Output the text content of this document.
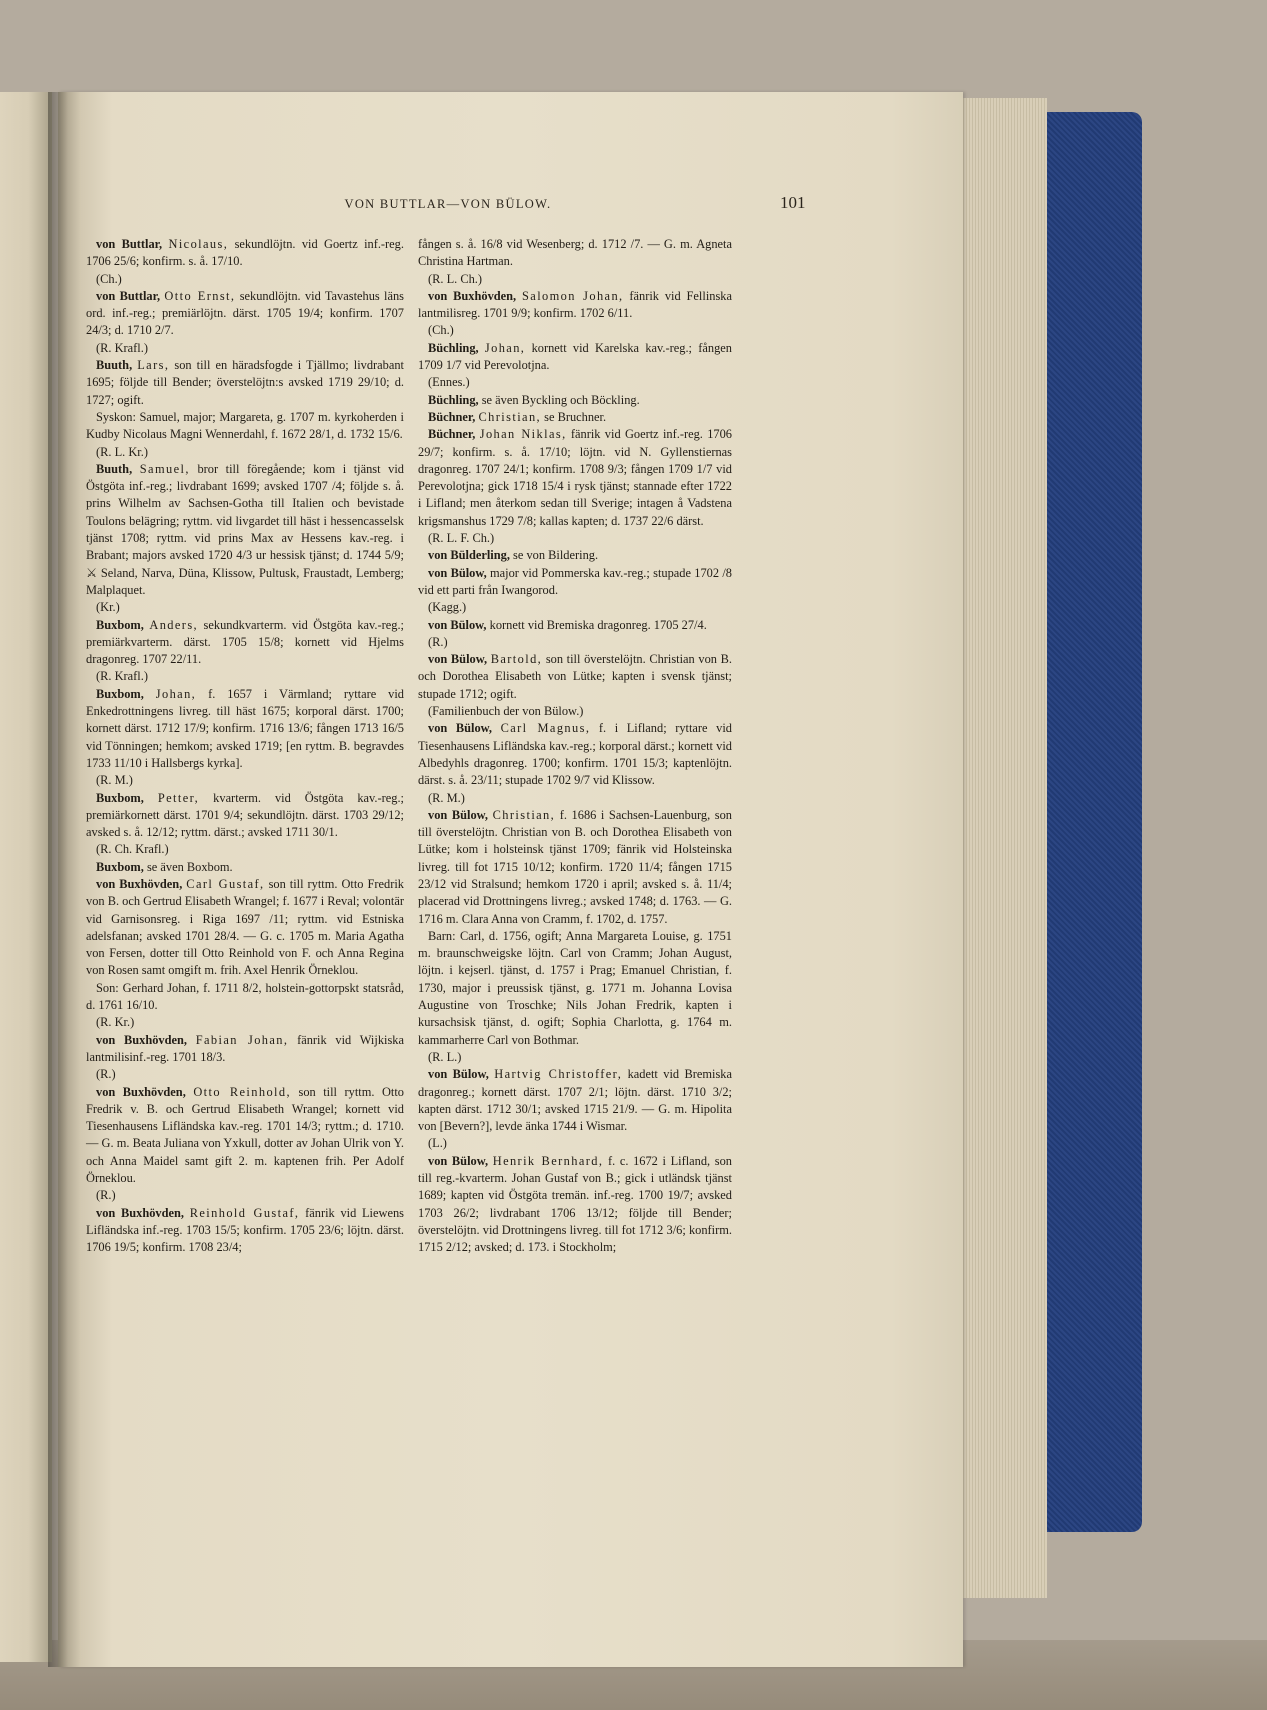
VON BUTTLAR—VON BÜLOW.	101

von Buttlar, Nicolaus, sekundlöjtn. vid Goertz inf.-reg. 1706 25/6; konfirm. s. å. 17/10.

(Ch.)

von Buttlar, Otto Ernst, sekundlöjtn. vid Tavastehus läns ord. inf.-reg.; premiärlöjtn. därst. 1705 19/4; konfirm. 1707 24/3; d. 1710 2/7.

(R. Krafl.)

Buuth, Lars, son till en häradsfogde i Tjällmo; livdrabant 1695; följde till Bender; överstelöjtn:s avsked 1719 29/10; d. 1727; ogift.

Syskon: Samuel, major; Margareta, g. 1707 m. kyrkoherden i Kudby Nicolaus Magni Wennerdahl, f. 1672 28/1, d. 1732 15/6.

(R. L. Kr.)

Buuth, Samuel, bror till föregående; kom i tjänst vid Östgöta inf.-reg.; livdrabant 1699; avsked 1707 /4; följde s. å. prins Wilhelm av Sachsen-Gotha till Italien och bevistade Toulons belägring; ryttm. vid livgardet till häst i hessencasselsk tjänst 1708; ryttm. vid prins Max av Hessens kav.-reg. i Brabant; majors avsked 1720 4/3 ur hessisk tjänst; d. 1744 5/9; ⚔ Seland, Narva, Düna, Klissow, Pultusk, Fraustadt, Lemberg; Malplaquet.

(Kr.)

Buxbom, Anders, sekundkvarterm. vid Östgöta kav.-reg.; premiärkvarterm. därst. 1705 15/8; kornett vid Hjelms dragonreg. 1707 22/11.

(R. Krafl.)

Buxbom, Johan, f. 1657 i Värmland; ryttare vid Enkedrottningens livreg. till häst 1675; korporal därst. 1700; kornett därst. 1712 17/9; konfirm. 1716 13/6; fången 1713 16/5 vid Tönningen; hemkom; avsked 1719; [en ryttm. B. begravdes 1733 11/10 i Hallsbergs kyrka].

(R. M.)

Buxbom, Petter, kvarterm. vid Östgöta kav.-reg.; premiärkornett därst. 1701 9/4; sekundlöjtn. därst. 1703 29/12; avsked s. å. 12/12; ryttm. därst.; avsked 1711 30/1.

(R. Ch. Krafl.)

Buxbom, se även Boxbom.

von Buxhövden, Carl Gustaf, son till ryttm. Otto Fredrik von B. och Gertrud Elisabeth Wrangel; f. 1677 i Reval; volontär vid Garnisonsreg. i Riga 1697 /11; ryttm. vid Estniska adelsfanan; avsked 1701 28/4. — G. c. 1705 m. Maria Agatha von Fersen, dotter till Otto Reinhold von F. och Anna Regina von Rosen samt omgift m. frih. Axel Henrik Örneklou.

Son: Gerhard Johan, f. 1711 8/2, holstein-gottorpskt statsråd, d. 1761 16/10.

(R. Kr.)

von Buxhövden, Fabian Johan, fänrik vid Wijkiska lantmilisinf.-reg. 1701 18/3.

(R.)

von Buxhövden, Otto Reinhold, son till ryttm. Otto Fredrik v. B. och Gertrud Elisabeth Wrangel; kornett vid Tiesenhausens Lifländska kav.-reg. 1701 14/3; ryttm.; d. 1710. — G. m. Beata Juliana von Yxkull, dotter av Johan Ulrik von Y. och Anna Maidel samt gift 2. m. kaptenen frih. Per Adolf Örneklou.

(R.)

von Buxhövden, Reinhold Gustaf, fänrik vid Liewens Lifländska inf.-reg. 1703 15/5; konfirm. 1705 23/6; löjtn. därst. 1706 19/5; konfirm. 1708 23/4;

fången s. å. 16/8 vid Wesenberg; d. 1712 /7. — G. m. Agneta Christina Hartman.

(R. L. Ch.)

von Buxhövden, Salomon Johan, fänrik vid Fellinska lantmilisreg. 1701 9/9; konfirm. 1702 6/11.

(Ch.)

Büchling, Johan, kornett vid Karelska kav.-reg.; fången 1709 1/7 vid Perevolotjna.

(Ennes.)

Büchling, se även Byckling och Böckling.

Büchner, Christian, se Bruchner.

Büchner, Johan Niklas, fänrik vid Goertz inf.-reg. 1706 29/7; konfirm. s. å. 17/10; löjtn. vid N. Gyllenstiernas dragonreg. 1707 24/1; konfirm. 1708 9/3; fången 1709 1/7 vid Perevolotjna; gick 1718 15/4 i rysk tjänst; stannade efter 1722 i Lifland; men återkom sedan till Sverige; intagen å Vadstena krigsmanshus 1729 7/8; kallas kapten; d. 1737 22/6 därst.

(R. L. F. Ch.)

von Bülderling, se von Bildering.

von Bülow, major vid Pommerska kav.-reg.; stupade 1702 /8 vid ett parti från Iwangorod.

(Kagg.)

von Bülow, kornett vid Bremiska dragonreg. 1705 27/4.

(R.)

von Bülow, Bartold, son till överstelöjtn. Christian von B. och Dorothea Elisabeth von Lütke; kapten i svensk tjänst; stupade 1712; ogift.

(Familienbuch der von Bülow.)

von Bülow, Carl Magnus, f. i Lifland; ryttare vid Tiesenhausens Lifländska kav.-reg.; korporal därst.; kornett vid Albedyhls dragonreg. 1700; konfirm. 1701 15/3; kaptenlöjtn. därst. s. å. 23/11; stupade 1702 9/7 vid Klissow.

(R. M.)

von Bülow, Christian, f. 1686 i Sachsen-Lauenburg, son till överstelöjtn. Christian von B. och Dorothea Elisabeth von Lütke; kom i holsteinsk tjänst 1709; fänrik vid Holsteinska livreg. till fot 1715 10/12; konfirm. 1720 11/4; fången 1715 23/12 vid Stralsund; hemkom 1720 i april; avsked s. å. 11/4; placerad vid Drottningens livreg.; avsked 1748; d. 1763. — G. 1716 m. Clara Anna von Cramm, f. 1702, d. 1757.

Barn: Carl, d. 1756, ogift; Anna Margareta Louise, g. 1751 m. braunschweigske löjtn. Carl von Cramm; Johan August, löjtn. i kejserl. tjänst, d. 1757 i Prag; Emanuel Christian, f. 1730, major i preussisk tjänst, g. 1771 m. Johanna Lovisa Augustine von Troschke; Nils Johan Fredrik, kapten i kursachsisk tjänst, d. ogift; Sophia Charlotta, g. 1764 m. kammarherre Carl von Bothmar.

(R. L.)

von Bülow, Hartvig Christoffer, kadett vid Bremiska dragonreg.; kornett därst. 1707 2/1; löjtn. därst. 1710 3/2; kapten därst. 1712 30/1; avsked 1715 21/9. — G. m. Hipolita von [Bevern?], levde änka 1744 i Wismar.

(L.)

von Bülow, Henrik Bernhard, f. c. 1672 i Lifland, son till reg.-kvarterm. Johan Gustaf von B.; gick i utländsk tjänst 1689; kapten vid Östgöta tremän. inf.-reg. 1700 19/7; avsked 1703 26/2; livdrabant 1706 13/12; följde till Bender; överstelöjtn. vid Drottningens livreg. till fot 1712 3/6; konfirm. 1715 2/12; avsked; d. 173. i Stockholm;
